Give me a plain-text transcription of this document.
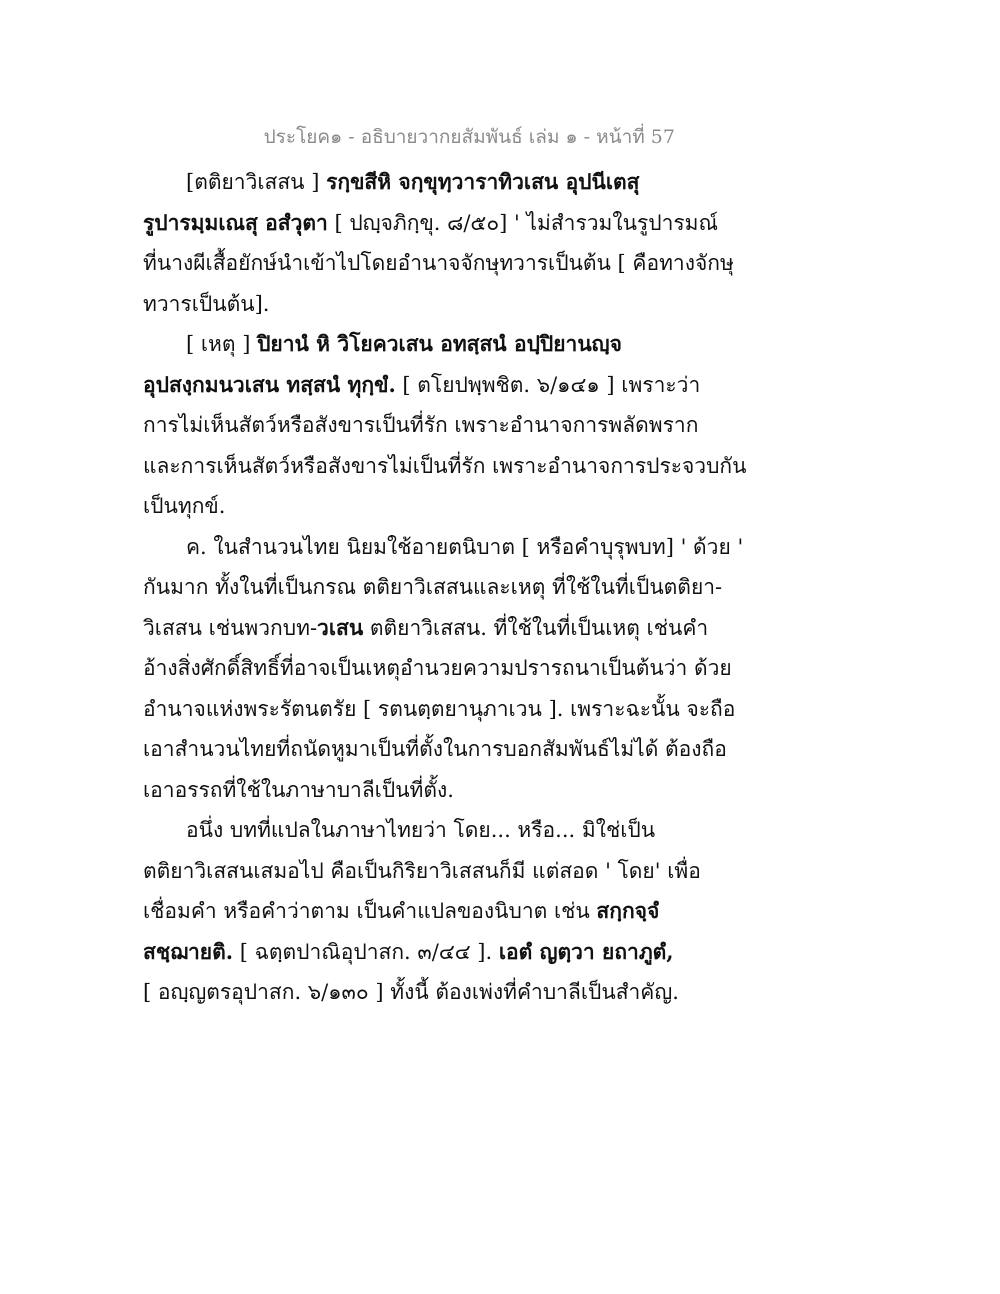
ประโยค๑ - อธิบายวากยสัมพันธ์ เล่ม ๑ - หน้าที่ 57
[ตติยาวิเสสน ] รกฺขสีหิ จกฺขุทฺวาราทิวเสน อุปนีเตสุ
รูปารมฺมเณสุ อสํวุตา [ ปญฺจภิกฺขุ. ๘/๕๐] ' ไม่สำรวมในรูปารมณ์
ที่นางผีเสื้อยักษ์นำเข้าไปโดยอำนาจจักษุทวารเป็นต้น [ คือทางจักษุ
ทวารเป็นต้น].
[ เหตุ ] ปิยานํ หิ วิโยควเสน อทสฺสนํ อปฺปิยานญฺจ
อุปสงฺกมนวเสน ทสฺสนํ ทุกฺขํ. [ ตโยปพฺพชิต. ๖/๑๔๑ ] เพราะว่า
การไม่เห็นสัตว์หรือสังขารเป็นที่รัก เพราะอำนาจการพลัดพราก
และการเห็นสัตว์หรือสังขารไม่เป็นที่รัก เพราะอำนาจการประจวบกัน
เป็นทุกข์.
ค. ในสำนวนไทย นิยมใช้อายตนิบาต [ หรือคำบุรุพบท] ' ด้วย '
กันมาก ทั้งในที่เป็นกรณ ตติยาวิเสสนและเหตุ ที่ใช้ในที่เป็นตติยา-
วิเสสน เช่นพวกบท-วเสน ตติยาวิเสสน. ที่ใช้ในที่เป็นเหตุ เช่นคำ
อ้างสิ่งศักดิ์สิทธิ์ที่อาจเป็นเหตุอำนวยความปรารถนาเป็นต้นว่า ด้วย
อำนาจแห่งพระรัตนตรัย [ รตนตฺตยานุภาเวน ]. เพราะฉะนั้น จะถือ
เอาสำนวนไทยที่ถนัดหูมาเป็นที่ตั้งในการบอกสัมพันธ์ไม่ได้ ต้องถือ
เอาอรรถที่ใช้ในภาษาบาลีเป็นที่ตั้ง.
อนึ่ง บทที่แปลในภาษาไทยว่า โดย... หรือ... มิใช่เป็น
ตติยาวิเสสนเสมอไป คือเป็นกิริยาวิเสสนก็มี แต่สอด ' โดย' เพื่อ
เชื่อมคำ หรือคำว่าตาม เป็นคำแปลของนิบาต เช่น สกฺกจฺจํ
สชฺฌายติ. [ ฉตฺตปาณิอุปาสก. ๓/๔๔ ]. เอตํ ญตฺวา ยถาภูตํ,
[ อญฺญตรอุปาสก. ๖/๑๓๐ ] ทั้งนี้ ต้องเพ่งที่คำบาลีเป็นสำคัญ.
